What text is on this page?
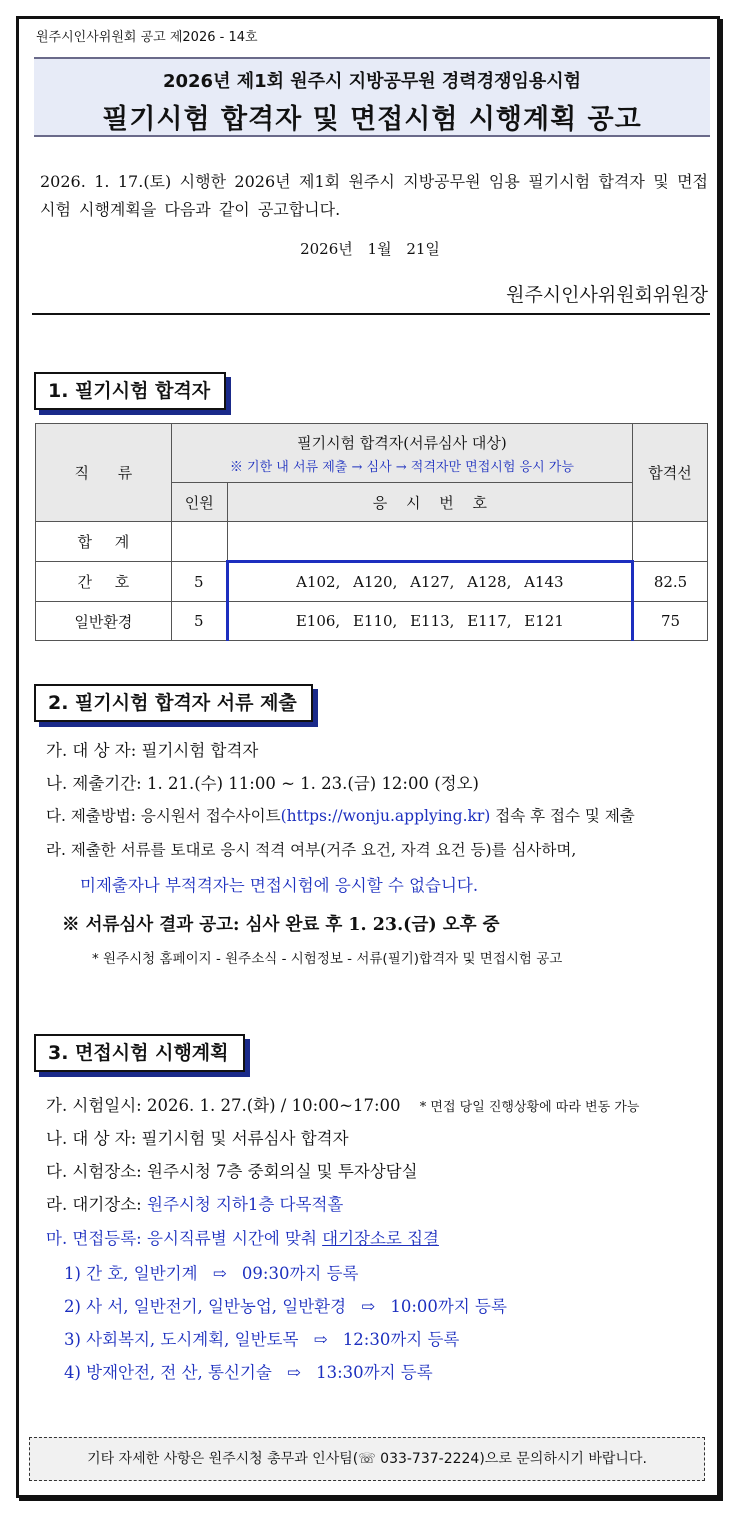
원주시인사위원회 공고 제2026 - 14호
2026년 제1회 원주시 지방공무원 경력경쟁임용시험
필기시험 합격자 및 면접시험 시행계획 공고
2026. 1. 17.(토) 시행한 2026년 제1회 원주시 지방공무원 임용 필기시험 합격자 및 면접시험 시행계획을 다음과 같이 공고합니다.
2026년 1월 21일
원주시인사위원회위원장
1. 필기시험 합격자
직 류	필기시험 합격자(서류심사 대상)
※ 기한 내 서류 제출 → 심사 → 적격자만 면접시험 응시 가능		합격선
	인원	응 시 번 호	
합 계			
간 호	5	A102, A120, A127, A128, A143	82.5
일반환경	5	E106, E110, E113, E117, E121	75
2. 필기시험 합격자 서류 제출
가. 대 상 자: 필기시험 합격자
나. 제출기간: 1. 21.(수) 11:00 ~ 1. 23.(금) 12:00 (정오)
다. 제출방법: 응시원서 접수사이트(https://wonju.applying.kr) 접속 후 접수 및 제출
라. 제출한 서류를 토대로 응시 적격 여부(거주 요건, 자격 요건 등)를 심사하며,
미제출자나 부적격자는 면접시험에 응시할 수 없습니다.
※ 서류심사 결과 공고: 심사 완료 후 1. 23.(금) 오후 중
* 원주시청 홈페이지 - 원주소식 - 시험정보 - 서류(필기)합격자 및 면접시험 공고
3. 면접시험 시행계획
가. 시험일시: 2026. 1. 27.(화) / 10:00~17:00 * 면접 당일 진행상황에 따라 변동 가능
나. 대 상 자: 필기시험 및 서류심사 합격자
다. 시험장소: 원주시청 7층 중회의실 및 투자상담실
라. 대기장소: 원주시청 지하1층 다목적홀
마. 면접등록: 응시직류별 시간에 맞춰 대기장소로 집결
1) 간 호, 일반기계 ⇨ 09:30까지 등록
2) 사 서, 일반전기, 일반농업, 일반환경 ⇨ 10:00까지 등록
3) 사회복지, 도시계획, 일반토목 ⇨ 12:30까지 등록
4) 방재안전, 전 산, 통신기술 ⇨ 13:30까지 등록
기타 자세한 사항은 원주시청 총무과 인사팀(☏ 033-737-2224)으로 문의하시기 바랍니다.
